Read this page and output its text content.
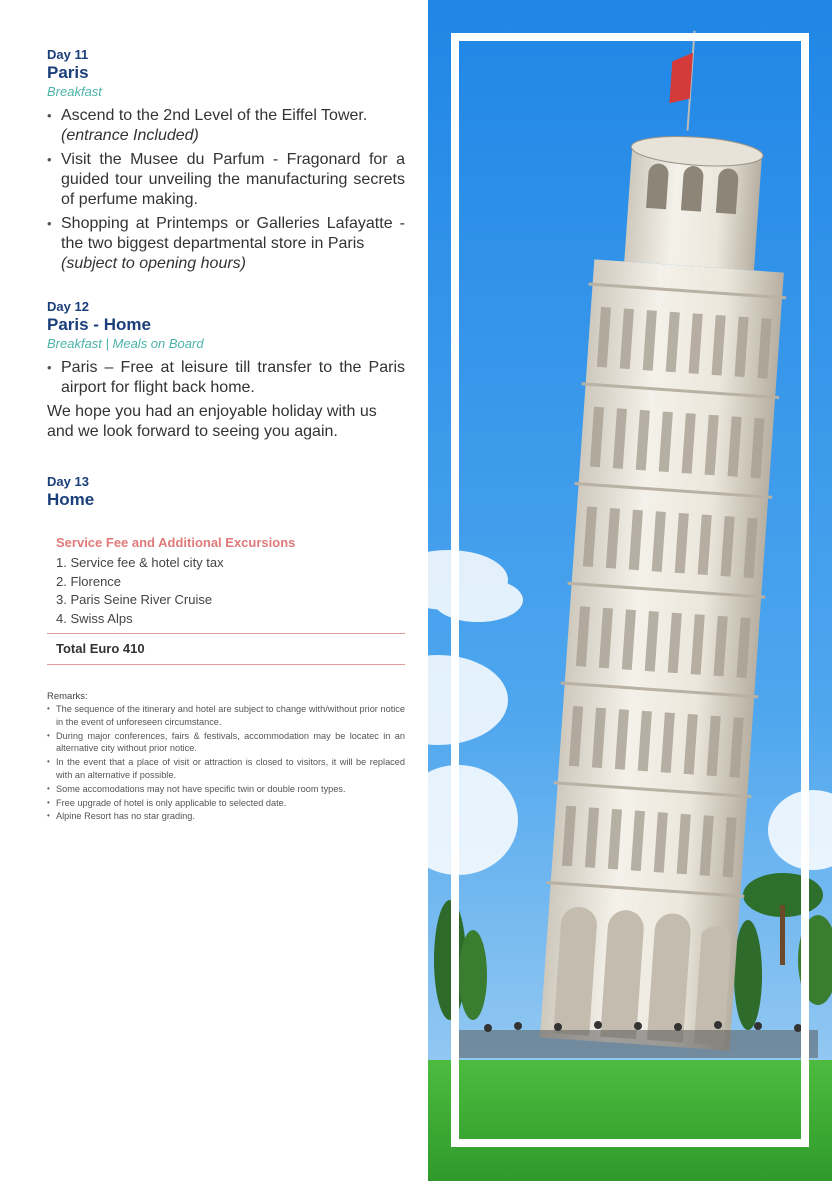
Day 11
Paris
Breakfast
• Ascend to the 2nd Level of the Eiffel Tower.
(entrance Included)
• Visit the Musee du Parfum - Fragonard for a guided tour unveiling the manufacturing secrets of perfume making.
• Shopping at Printemps or Galleries Lafayatte - the two biggest departmental store in Paris
(subject to opening hours)
Day 12
Paris - Home
Breakfast | Meals on Board
• Paris – Free at leisure till transfer to the Paris airport for flight back home.

We hope you had an enjoyable holiday with us and we look forward to seeing you again.

Day 13
Home
Service Fee and Additional Excursions
1. Service fee & hotel city tax
2. Florence
3. Paris Seine River Cruise
4. Swiss Alps
Total Euro 410
Remarks:
• The sequence of the itinerary and hotel are subject to change with/without prior notice in the event of unforeseen circumstance.
• During major conferences, fairs & festivals, accommodation may be locatec in an alternative city without prior notice.
• In the event that a place of visit or attraction is closed to visitors, it will be replaced with an alternative if possible.
• Some accomodations may not have specific twin or double room types.
• Free upgrade of hotel is only applicable to selected date.
• Alpine Resort has no star grading.
